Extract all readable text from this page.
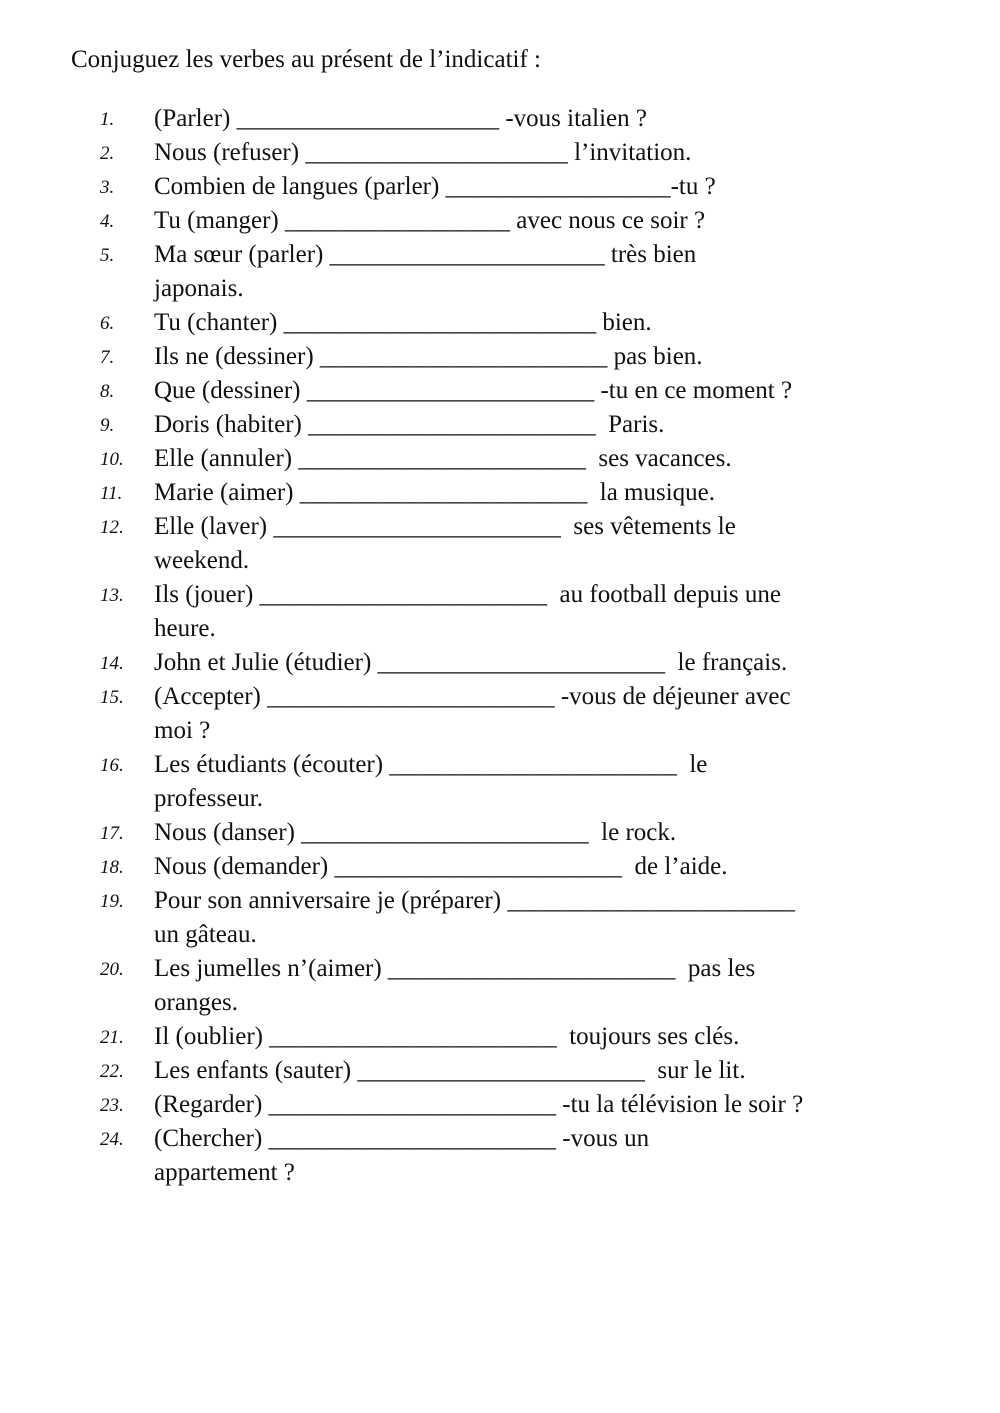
Conjuguez les verbes au présent de l’indicatif :
1. (Parler) _____________________ -vous italien ?
2. Nous (refuser) _____________________ l’invitation.
3. Combien de langues (parler) __________________-tu ?
4. Tu (manger) __________________ avec nous ce soir ?
5. Ma sœur (parler) ______________________ très bien
japonais.
6. Tu (chanter) _________________________ bien.
7. Ils ne (dessiner) _______________________ pas bien.
8. Que (dessiner) _______________________ -tu en ce moment ?
9. Doris (habiter) _______________________  Paris.
10. Elle (annuler) _______________________  ses vacances.
11. Marie (aimer) _______________________  la musique.
12. Elle (laver) _______________________  ses vêtements le
weekend.
13. Ils (jouer) _______________________  au football depuis une
heure.
14. John et Julie (étudier) _______________________  le français.
15. (Accepter) _______________________ -vous de déjeuner avec
moi ?
16. Les étudiants (écouter) _______________________  le
professeur.
17. Nous (danser) _______________________  le rock.
18. Nous (demander) _______________________  de l’aide.
19. Pour son anniversaire je (préparer) _______________________
un gâteau.
20. Les jumelles n’(aimer) _______________________  pas les
oranges.
21. Il (oublier) _______________________  toujours ses clés.
22. Les enfants (sauter) _______________________  sur le lit.
23. (Regarder) _______________________ -tu la télévision le soir ?
24. (Chercher) _______________________ -vous un
appartement ?
